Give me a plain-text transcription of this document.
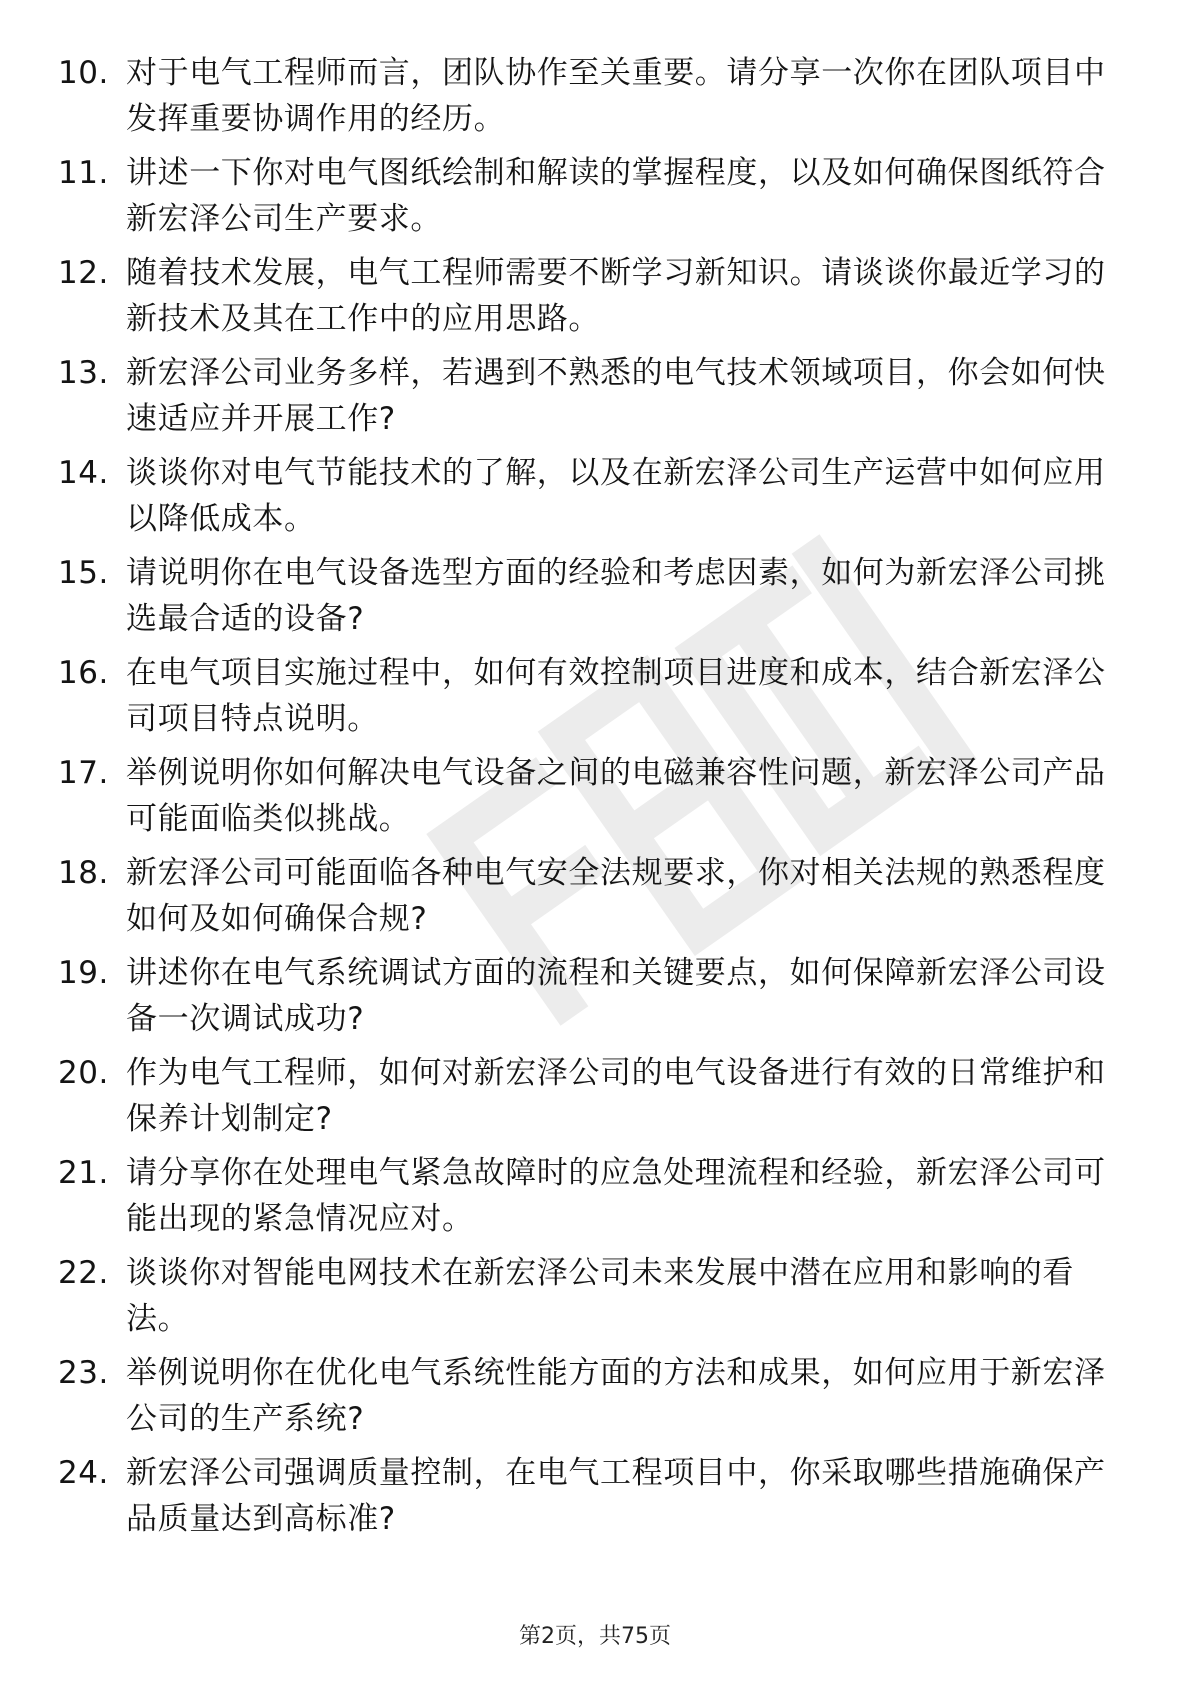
10. 对于电气工程师而言，团队协作至关重要。请分享一次你在团队项目中发挥重要协调作用的经历。
11. 讲述一下你对电气图纸绘制和解读的掌握程度，以及如何确保图纸符合新宏泽公司生产要求。
12. 随着技术发展，电气工程师需要不断学习新知识。请谈谈你最近学习的新技术及其在工作中的应用思路。
13. 新宏泽公司业务多样，若遇到不熟悉的电气技术领域项目，你会如何快速适应并开展工作?
14. 谈谈你对电气节能技术的了解，以及在新宏泽公司生产运营中如何应用以降低成本。
15. 请说明你在电气设备选型方面的经验和考虑因素，如何为新宏泽公司挑选最合适的设备?
16. 在电气项目实施过程中，如何有效控制项目进度和成本，结合新宏泽公司项目特点说明。
17. 举例说明你如何解决电气设备之间的电磁兼容性问题，新宏泽公司产品可能面临类似挑战。
18. 新宏泽公司可能面临各种电气安全法规要求，你对相关法规的熟悉程度如何及如何确保合规?
19. 讲述你在电气系统调试方面的流程和关键要点，如何保障新宏泽公司设备一次调试成功?
20. 作为电气工程师，如何对新宏泽公司的电气设备进行有效的日常维护和保养计划制定?
21. 请分享你在处理电气紧急故障时的应急处理流程和经验，新宏泽公司可能出现的紧急情况应对。
22. 谈谈你对智能电网技术在新宏泽公司未来发展中潜在应用和影响的看法。
23. 举例说明你在优化电气系统性能方面的方法和成果，如何应用于新宏泽公司的生产系统?
24. 新宏泽公司强调质量控制，在电气工程项目中，你采取哪些措施确保产品质量达到高标准?
第2页，共75页
